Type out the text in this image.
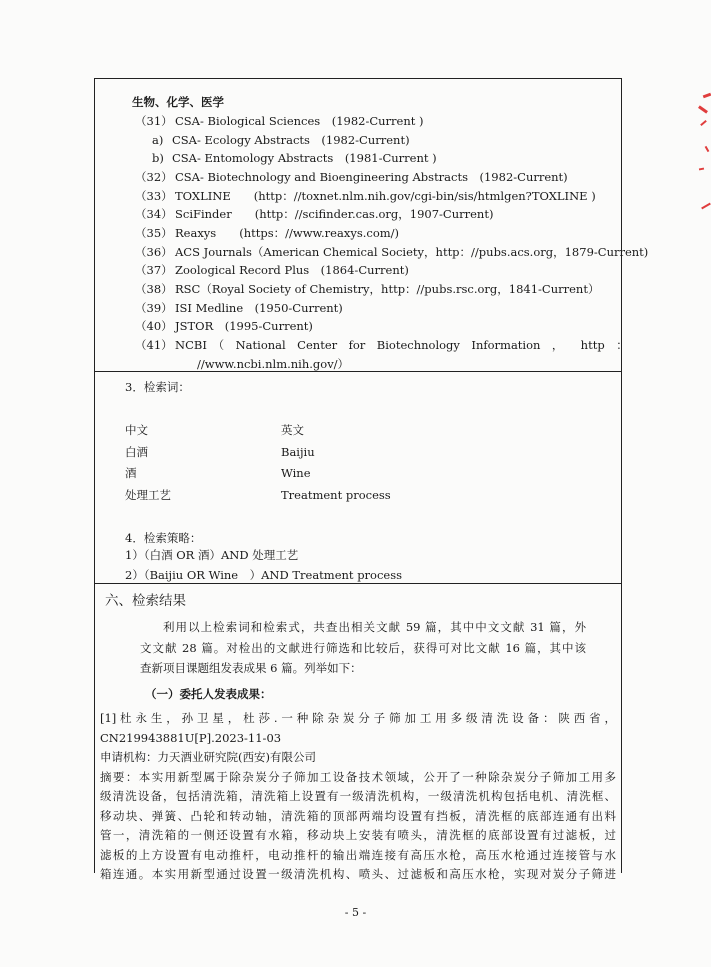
生物、化学、医学
（31） CSA- Biological Sciences　(1982-Current )
a) CSA- Ecology Abstracts　(1982-Current)
b) CSA- Entomology Abstracts　(1981-Current )
（32） CSA- Biotechnology and Bioengineering Abstracts　(1982-Current)
（33） TOXLINE　　(http：//toxnet.nlm.nih.gov/cgi-bin/sis/htmlgen?TOXLINE )
（34） SciFinder　　(http：//scifinder.cas.org，1907-Current)
（35） Reaxys　　(https：//www.reaxys.com/)
（36） ACS Journals（American Chemical Society，http：//pubs.acs.org，1879-Current)
（37） Zoological Record Plus　(1864-Current)
（38） RSC（Royal Society of Chemistry，http：//pubs.rsc.org，1841-Current）
（39） ISI Medline　(1950-Current)
（40） JSTOR　(1995-Current)
（41） NCBI　（　National　Center　for　Biotechnology　Information　，　　http　：
//www.ncbi.nlm.nih.gov/）
3．检索词：
中文	英文
白酒	Baijiu
酒	Wine
处理工艺	Treatment process
4．检索策略：
1）（白酒 OR 酒）AND 处理工艺
2）（Baijiu OR Wine　）AND Treatment process
六、检索结果
利用以上检索词和检索式，共查出相关文献 59 篇，其中中文文献 31 篇，外
文文献 28 篇。对检出的文献进行筛选和比较后，获得可对比文献 16 篇，其中该
查新项目课题组发表成果 6 篇。列举如下：
（一）委托人发表成果：
[1] 杜 永 生 ， 孙 卫 星 ， 杜 莎 . 一 种 除 杂 炭 分 子 筛 加 工 用 多 级 清 洗 设 备 ： 陕 西 省 ，
CN219943881U[P].2023-11-03
申请机构：力天酒业研究院(西安)有限公司
摘要：本实用新型属于除杂炭分子筛加工设备技术领域，公开了一种除杂炭分子筛加工用多
级清洗设备，包括清洗箱，清洗箱上设置有一级清洗机构，一级清洗机构包括电机、清洗框、
移动块、弹簧、凸轮和转动轴，清洗箱的顶部两端均设置有挡板，清洗框的底部连通有出料
管一，清洗箱的一侧还设置有水箱，移动块上安装有喷头，清洗框的底部设置有过滤板，过
滤板的上方设置有电动推杆，电动推杆的输出端连接有高压水枪，高压水枪通过连接管与水
箱连通。本实用新型通过设置一级清洗机构、喷头、过滤板和高压水枪，实现对炭分子筛进
- 5 -
